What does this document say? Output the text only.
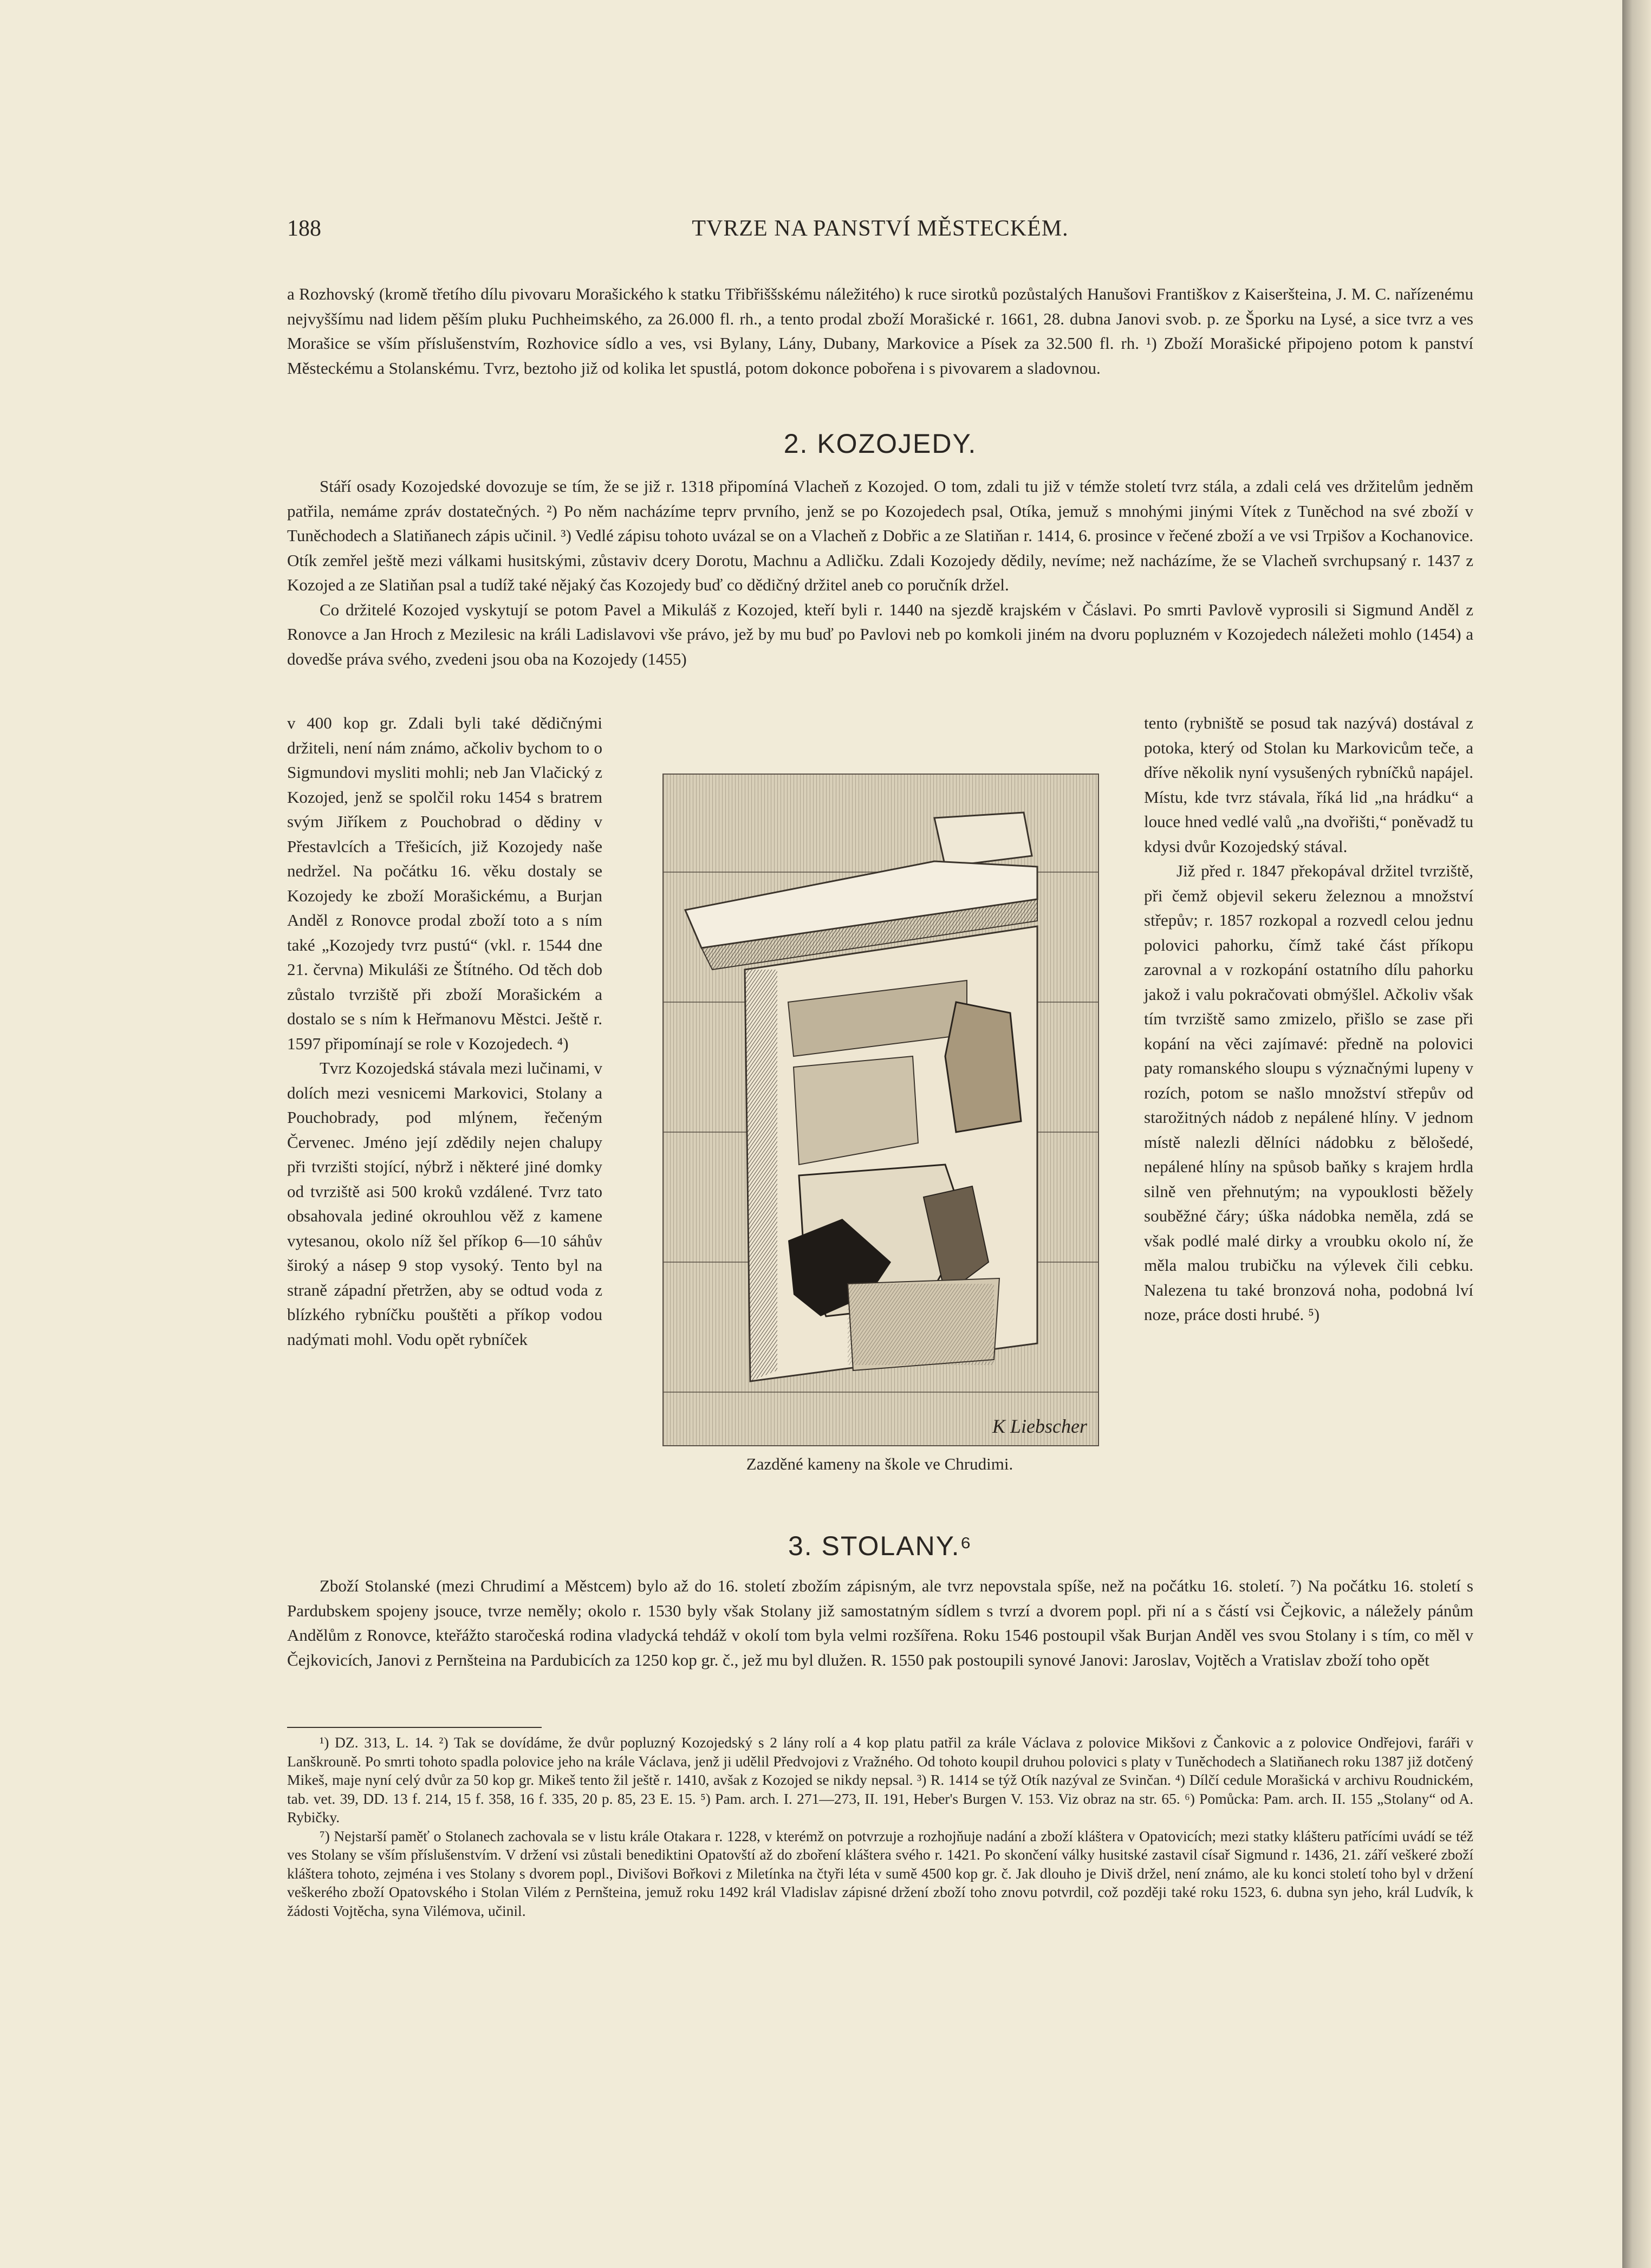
188	TVRZE NA PANSTVÍ MĚSTECKÉM.

a Rozhovský (kromě třetího dílu pivovaru Morašického k statku Třibřiššskému náležitého) k ruce sirotků pozůstalých Hanušovi Františkov z Kaiseršteina, J. M. C. nařízenému nejvyššímu nad lidem pěším pluku Puchheimského, za 26.000 fl. rh., a tento prodal zboží Morašické r. 1661, 28. dubna Janovi svob. p. ze Šporku na Lysé, a sice tvrz a ves Morašice se vším příslušenstvím, Rozhovice sídlo a ves, vsi Bylany, Lány, Dubany, Markovice a Písek za 32.500 fl. rh. ¹) Zboží Morašické připojeno potom k panství Městeckému a Stolanskému. Tvrz, beztoho již od kolika let spustlá, potom dokonce pobořena i s pivovarem a sladovnou.

2. KOZOJEDY.

Stáří osady Kozojedské dovozuje se tím, že se již r. 1318 připomíná Vlacheň z Kozojed. O tom, zdali tu již v témže století tvrz stála, a zdali celá ves držitelům jedněm patřila, nemáme zpráv dostatečných. ²) Po něm nacházíme teprv prvního, jenž se po Kozojedech psal, Otíka, jemuž s mnohými jinými Vítek z Tuněchod na své zboží v Tuněchodech a Slatiňanech zápis učinil. ³) Vedlé zápisu tohoto uvázal se on a Vlacheň z Dobřic a ze Slatiňan r. 1414, 6. prosince v řečené zboží a ve vsi Trpišov a Kochanovice. Otík zemřel ještě mezi válkami husitskými, zůstaviv dcery Dorotu, Machnu a Adličku. Zdali Kozojedy dědily, nevíme; než nacházíme, že se Vlacheň svrchupsaný r. 1437 z Kozojed a ze Slatiňan psal a tudíž také nějaký čas Kozojedy buď co dědičný držitel aneb co poručník držel.

Co držitelé Kozojed vyskytují se potom Pavel a Mikuláš z Kozojed, kteří byli r. 1440 na sjezdě krajském v Čáslavi. Po smrti Pavlově vyprosili si Sigmund Anděl z Ronovce a Jan Hroch z Mezilesic na králi Ladislavovi vše právo, jež by mu buď po Pavlovi neb po komkoli jiném na dvoru popluzném v Kozojedech náležeti mohlo (1454) a dovedše práva svého, zvedeni jsou oba na Kozojedy (1455)

v 400 kop gr. Zdali byli také dědičnými držiteli, není nám známo, ačkoliv bychom to o Sigmundovi mysliti mohli; neb Jan Vlačický z Kozojed, jenž se spolčil roku 1454 s bratrem svým Jiříkem z Pouchobrad o dědiny v Přestavlcích a Třešicích, již Kozojedy naše nedržel. Na počátku 16. věku dostaly se Kozojedy ke zboží Morašickému, a Burjan Anděl z Ronovce prodal zboží toto a s ním také „Kozojedy tvrz pustú“ (vkl. r. 1544 dne 21. června) Mikuláši ze Štítného. Od těch dob zůstalo tvrziště při zboží Morašickém a dostalo se s ním k Heřmanovu Městci. Ještě r. 1597 připomínají se role v Kozojedech. ⁴)

Tvrz Kozojedská stávala mezi lučinami, v dolích mezi vesnicemi Markovici, Stolany a Pouchobrady, pod mlýnem, řečeným Červenec. Jméno její zdědily nejen chalupy při tvrzišti stojící, nýbrž i některé jiné domky od tvrziště asi 500 kroků vzdálené. Tvrz tato obsahovala jediné okrouhlou věž z kamene vytesanou, okolo níž šel příkop 6—10 sáhův široký a násep 9 stop vysoký. Tento byl na straně západní přetržen, aby se odtud voda z blízkého rybníčku pouštěti a příkop vodou nadýmati mohl. Vodu opět rybníček

K Liebscher
Zazděné kameny na škole ve Chrudimi.

tento (rybniště se posud tak nazývá) dostával z potoka, který od Stolan ku Markovicům teče, a dříve několik nyní vysušených rybníčků napájel. Místu, kde tvrz stávala, říká lid „na hrádku“ a louce hned vedlé valů „na dvořišti,“ poněvadž tu kdysi dvůr Kozojedský stával.

Již před r. 1847 překopával držitel tvrziště, při čemž objevil sekeru železnou a množství střepův; r. 1857 rozkopal a rozvedl celou jednu polovici pahorku, čímž také část příkopu zarovnal a v rozkopání ostatního dílu pahorku jakož i valu pokračovati obmýšlel. Ačkoliv však tím tvrziště samo zmizelo, přišlo se zase při kopání na věci zajímavé: předně na polovici paty romanského sloupu s význačnými lupeny v rozích, potom se našlo množství střepův od starožitných nádob z nepálené hlíny. V jednom místě nalezli dělníci nádobku z bělošedé, nepálené hlíny na spůsob baňky s krajem hrdla silně ven přehnutým; na vypouklosti běžely souběžné čáry; úška nádobka neměla, zdá se však podlé malé dirky a vroubku okolo ní, že měla malou trubičku na výlevek čili cebku. Nalezena tu také bronzová noha, podobná lví noze, práce dosti hrubé. ⁵)

3. STOLANY.⁶

Zboží Stolanské (mezi Chrudimí a Městcem) bylo až do 16. století zbožím zápisným, ale tvrz nepovstala spíše, než na počátku 16. století. ⁷) Na počátku 16. století s Pardubskem spojeny jsouce, tvrze neměly; okolo r. 1530 byly však Stolany již samostatným sídlem s tvrzí a dvorem popl. při ní a s částí vsi Čejkovic, a náležely pánům Andělům z Ronovce, kteřážto staročeská rodina vladycká tehdáž v okolí tom byla velmi rozšířena. Roku 1546 postoupil však Burjan Anděl ves svou Stolany i s tím, co měl v Čejkovicích, Janovi z Pernšteina na Pardubicích za 1250 kop gr. č., jež mu byl dlužen. R. 1550 pak postoupili synové Janovi: Jaroslav, Vojtěch a Vratislav zboží toho opět

¹) DZ. 313, L. 14. ²) Tak se dovídáme, že dvůr popluzný Kozojedský s 2 lány rolí a 4 kop platu patřil za krále Václava z polovice Mikšovi z Čankovic a z polovice Ondřejovi, faráři v Lanškrouně. Po smrti tohoto spadla polovice jeho na krále Václava, jenž ji udělil Předvojovi z Vražného. Od tohoto koupil druhou polovici s platy v Tuněchodech a Slatiňanech roku 1387 již dotčený Mikeš, maje nyní celý dvůr za 50 kop gr. Mikeš tento žil ještě r. 1410, avšak z Kozojed se nikdy nepsal. ³) R. 1414 se týž Otík nazýval ze Svinčan. ⁴) Dílčí cedule Morašická v archivu Roudnickém, tab. vet. 39, DD. 13 f. 214, 15 f. 358, 16 f. 335, 20 p. 85, 23 E. 15. ⁵) Pam. arch. I. 271—273, II. 191, Heber's Burgen V. 153. Viz obraz na str. 65. ⁶) Pomůcka: Pam. arch. II. 155 „Stolany“ od A. Rybičky.

⁷) Nejstarší paměť o Stolanech zachovala se v listu krále Otakara r. 1228, v kterémž on potvrzuje a rozhojňuje nadání a zboží kláštera v Opatovicích; mezi statky klášteru patřícími uvádí se též ves Stolany se vším příslušenstvím. V držení vsi zůstali benediktini Opatovští až do zboření kláštera svého r. 1421. Po skončení války husitské zastavil císař Sigmund r. 1436, 21. září veškeré zboží kláštera tohoto, zejména i ves Stolany s dvorem popl., Divišovi Bořkovi z Miletínka na čtyři léta v sumě 4500 kop gr. č. Jak dlouho je Diviš držel, není známo, ale ku konci století toho byl v držení veškerého zboží Opatovského i Stolan Vilém z Pernšteina, jemuž roku 1492 král Vladislav zápisné držení zboží toho znovu potvrdil, což později také roku 1523, 6. dubna syn jeho, král Ludvík, k žádosti Vojtěcha, syna Vilémova, učinil.
